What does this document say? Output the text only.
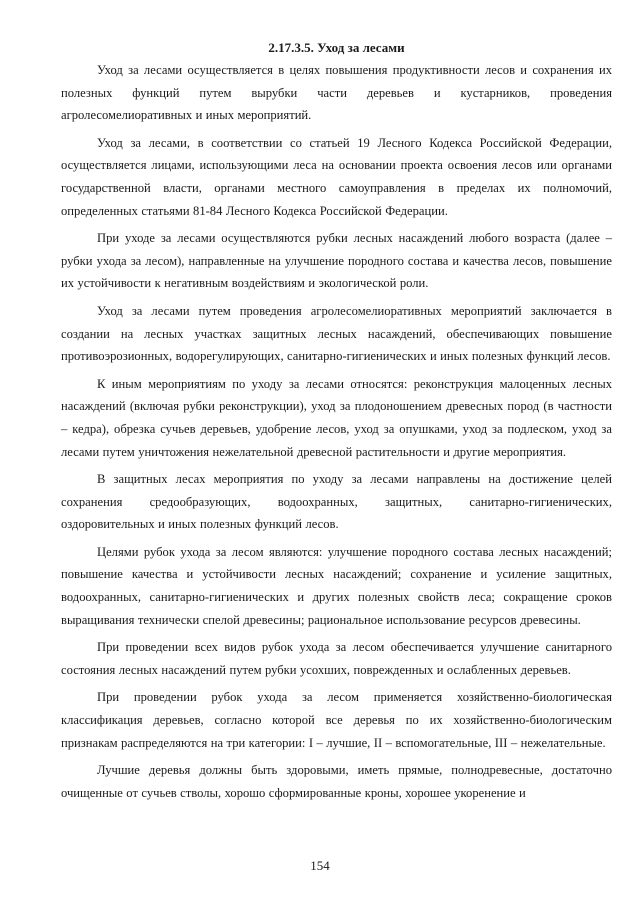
2.17.3.5. Уход за лесами

Уход за лесами осуществляется в целях повышения продуктивности лесов и сохранения их полезных функций путем вырубки части деревьев и кустарников, проведения агролесомелиоративных и иных мероприятий.

Уход за лесами, в соответствии со статьей 19 Лесного Кодекса Российской Федерации, осуществляется лицами, использующими леса на основании проекта освоения лесов или органами государственной власти, органами местного самоуправления в пределах их полномочий, определенных статьями 81-84 Лесного Кодекса Российской Федерации.

При уходе за лесами осуществляются рубки лесных насаждений любого возраста (далее – рубки ухода за лесом), направленные на улучшение породного состава и качества лесов, повышение их устойчивости к негативным воздействиям и экологической роли.

Уход за лесами путем проведения агролесомелиоративных мероприятий заключается в создании на лесных участках защитных лесных насаждений, обеспечивающих повышение противоэрозионных, водорегулирующих, санитарно-гигиенических и иных полезных функций лесов.

К иным мероприятиям по уходу за лесами относятся: реконструкция малоценных лесных насаждений (включая рубки реконструкции), уход за плодоношением древесных пород (в частности – кедра), обрезка сучьев деревьев, удобрение лесов, уход за опушками, уход за подлеском, уход за лесами путем уничтожения нежелательной древесной растительности и другие мероприятия.

В защитных лесах мероприятия по уходу за лесами направлены на достижение целей сохранения средообразующих, водоохранных, защитных, санитарно-гигиенических, оздоровительных и иных полезных функций лесов.

Целями рубок ухода за лесом являются: улучшение породного состава лесных насаждений; повышение качества и устойчивости лесных насаждений; сохранение и усиление защитных, водоохранных, санитарно-гигиенических и других полезных свойств леса; сокращение сроков выращивания технически спелой древесины; рациональное использование ресурсов древесины.

При проведении всех видов рубок ухода за лесом обеспечивается улучшение санитарного состояния лесных насаждений путем рубки усохших, поврежденных и ослабленных деревьев.

При проведении рубок ухода за лесом применяется хозяйственно-биологическая классификация деревьев, согласно которой все деревья по их хозяйственно-биологическим признакам распределяются на три категории: I – лучшие, II – вспомогательные, III – нежелательные.

Лучшие деревья должны быть здоровыми, иметь прямые, полнодревесные, достаточно очищенные от сучьев стволы, хорошо сформированные кроны, хорошее укоренение и

154
